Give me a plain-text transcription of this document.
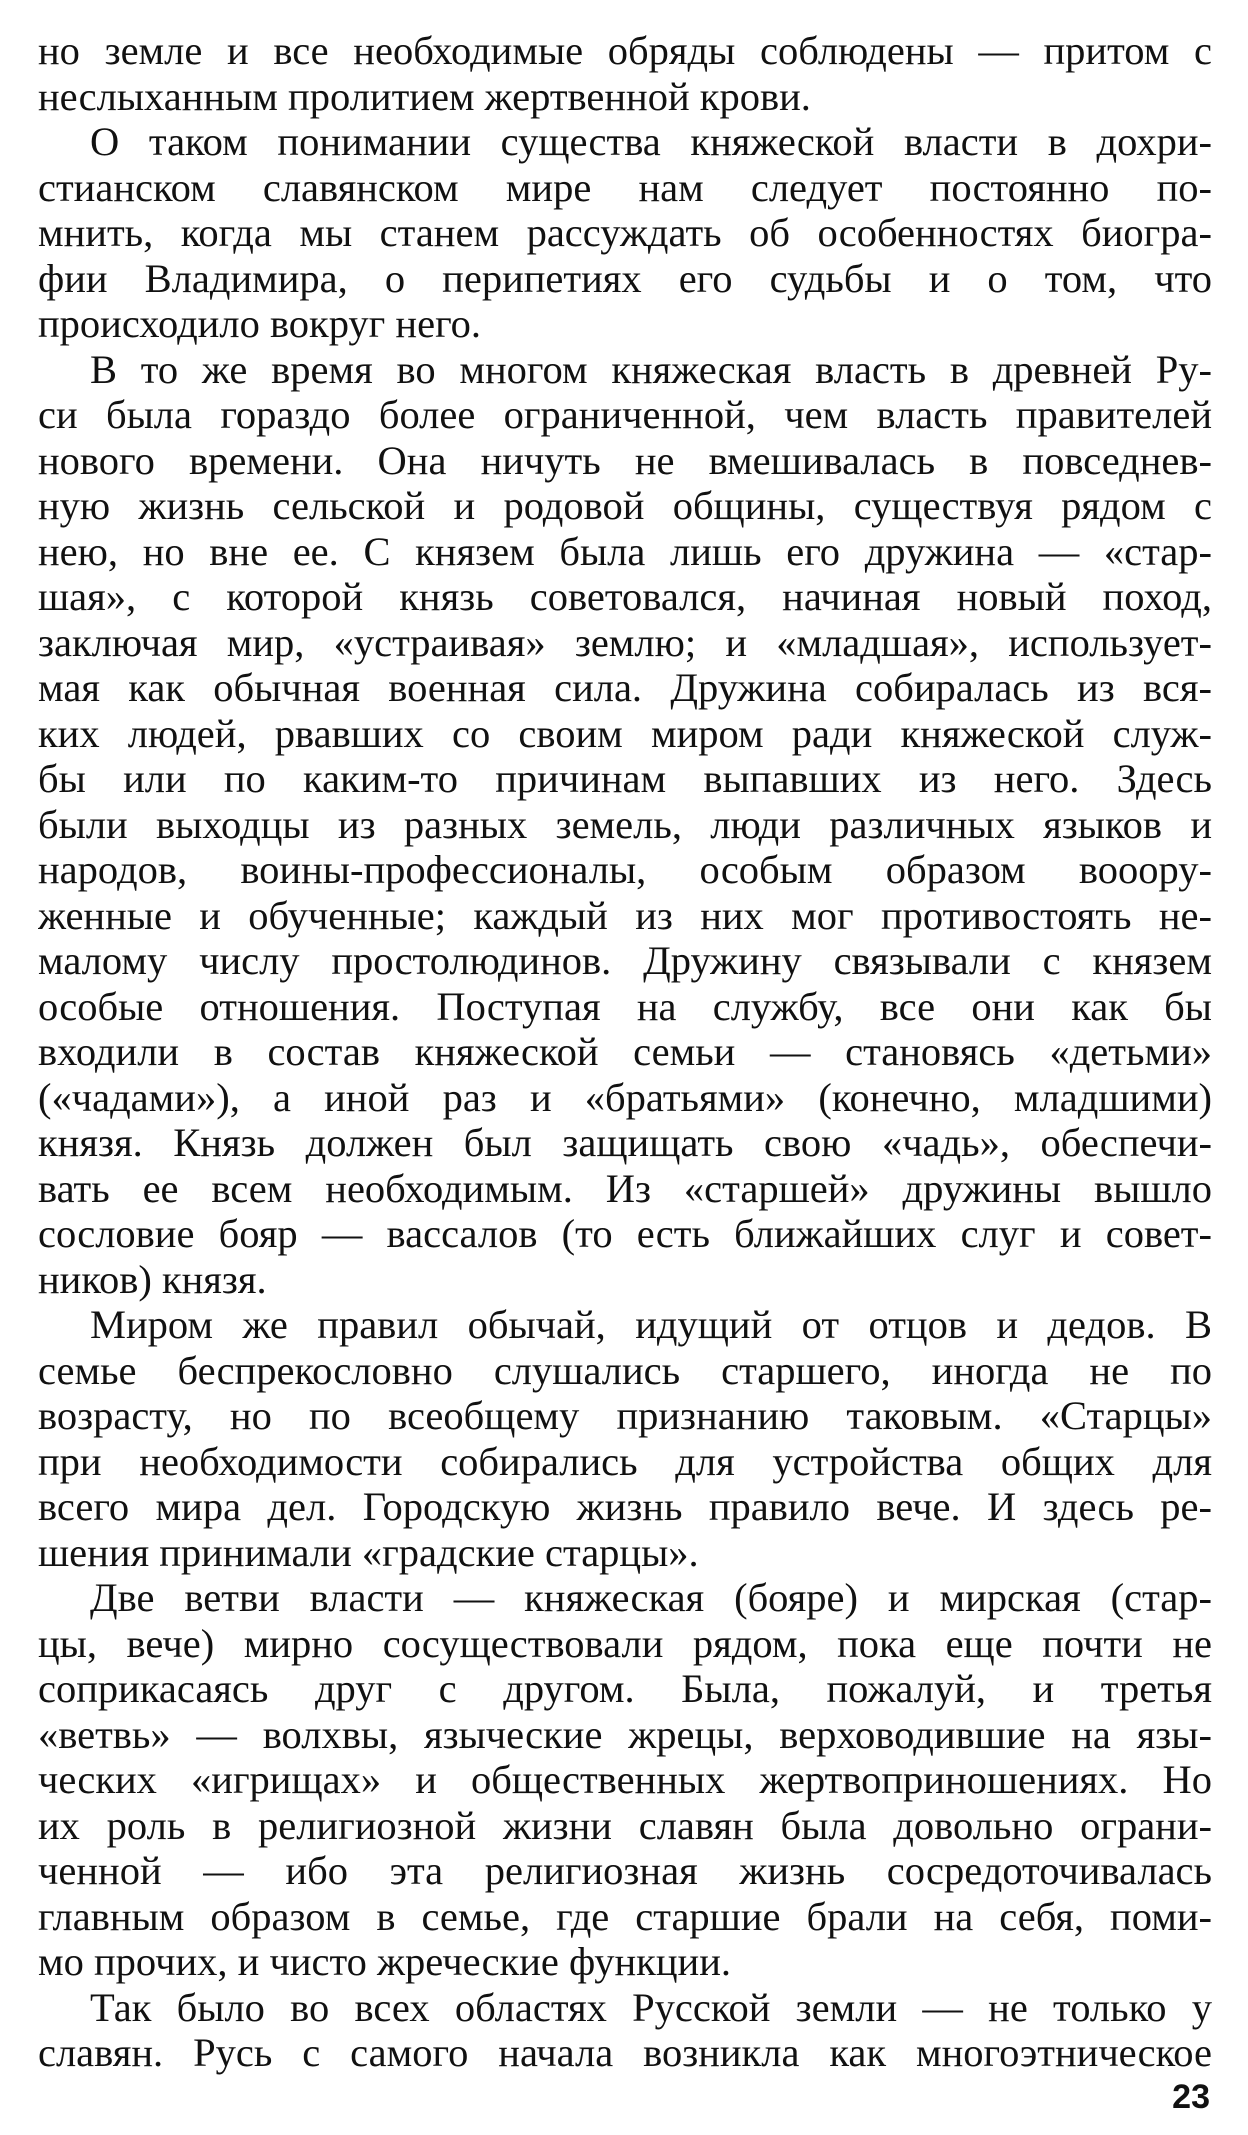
но земле и все необходимые обряды соблюдены — притом с
неслыханным пролитием жертвенной крови.
О таком понимании существа княжеской власти в дохри-
стианском славянском мире нам следует постоянно по-
мнить, когда мы станем рассуждать об особенностях биогра-
фии Владимира, о перипетиях его судьбы и о том, что
происходило вокруг него.
В то же время во многом княжеская власть в древней Ру-
си была гораздо более ограниченной, чем власть правителей
нового времени. Она ничуть не вмешивалась в повседнев-
ную жизнь сельской и родовой общины, существуя рядом с
нею, но вне ее. С князем была лишь его дружина — «стар-
шая», с которой князь советовался, начиная новый поход,
заключая мир, «устраивая» землю; и «младшая», использует-
мая как обычная военная сила. Дружина собиралась из вся-
ких людей, рвавших со своим миром ради княжеской служ-
бы или по каким-то причинам выпавших из него. Здесь
были выходцы из разных земель, люди различных языков и
народов, воины-профессионалы, особым образом вооору-
женные и обученные; каждый из них мог противостоять не-
малому числу простолюдинов. Дружину связывали с князем
особые отношения. Поступая на службу, все они как бы
входили в состав княжеской семьи — становясь «детьми»
(«чадами»), а иной раз и «братьями» (конечно, младшими)
князя. Князь должен был защищать свою «чадь», обеспечи-
вать ее всем необходимым. Из «старшей» дружины вышло
сословие бояр — вассалов (то есть ближайших слуг и совет-
ников) князя.
Миром же правил обычай, идущий от отцов и дедов. В
семье беспрекословно слушались старшего, иногда не по
возрасту, но по всеобщему признанию таковым. «Старцы»
при необходимости собирались для устройства общих для
всего мира дел. Городскую жизнь правило вече. И здесь ре-
шения принимали «градские старцы».
Две ветви власти — княжеская (бояре) и мирская (стар-
цы, вече) мирно сосуществовали рядом, пока еще почти не
соприкасаясь друг с другом. Была, пожалуй, и третья
«ветвь» — волхвы, языческие жрецы, верховодившие на язы-
ческих «игрищах» и общественных жертвоприношениях. Но
их роль в религиозной жизни славян была довольно ограни-
ченной — ибо эта религиозная жизнь сосредоточивалась
главным образом в семье, где старшие брали на себя, поми-
мо прочих, и чисто жреческие функции.
Так было во всех областях Русской земли — не только у
славян. Русь с самого начала возникла как многоэтническое
23
